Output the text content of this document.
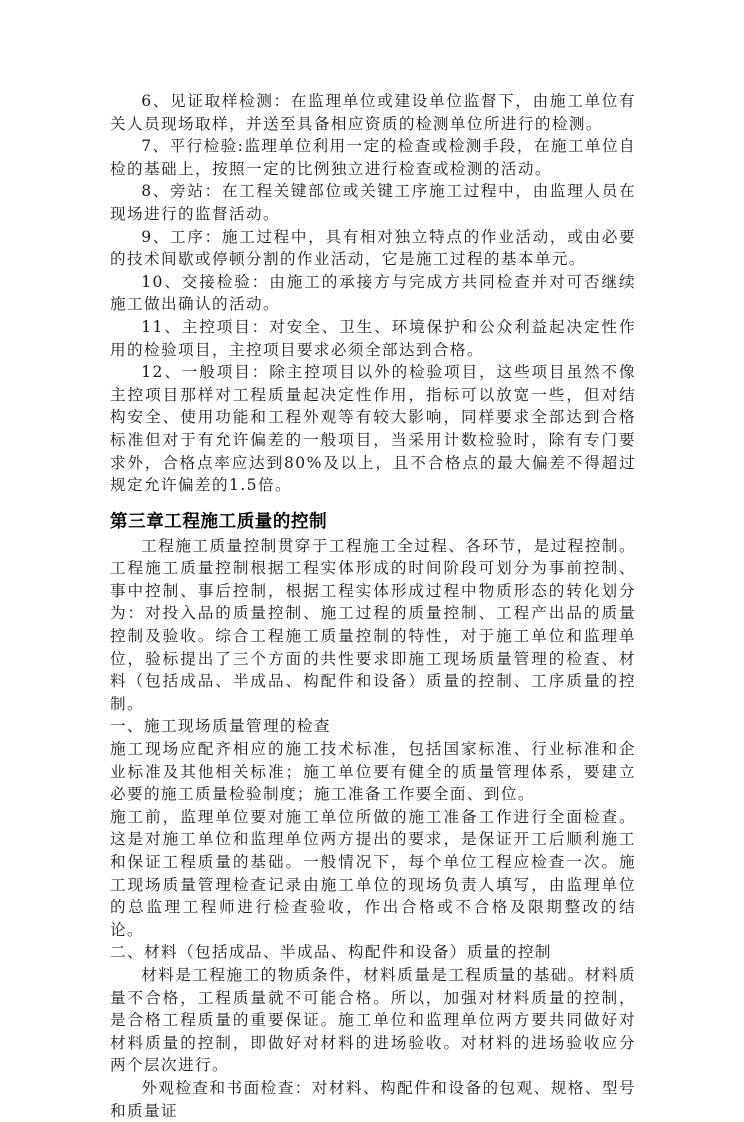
6、见证取样检测：在监理单位或建设单位监督下，由施工单位有关人员现场取样，并送至具备相应资质的检测单位所进行的检测。

7、平行检验:监理单位利用一定的检查或检测手段，在施工单位自检的基础上，按照一定的比例独立进行检查或检测的活动。

8、旁站：在工程关键部位或关键工序施工过程中，由监理人员在现场进行的监督活动。

9、工序：施工过程中，具有相对独立特点的作业活动，或由必要的技术间歇或停顿分割的作业活动，它是施工过程的基本单元。

10、交接检验：由施工的承接方与完成方共同检查并对可否继续施工做出确认的活动。

11、主控项目：对安全、卫生、环境保护和公众利益起决定性作用的检验项目，主控项目要求必须全部达到合格。

12、一般项目：除主控项目以外的检验项目，这些项目虽然不像主控项目那样对工程质量起决定性作用，指标可以放宽一些，但对结构安全、使用功能和工程外观等有较大影响，同样要求全部达到合格标准但对于有允许偏差的一般项目，当采用计数检验时，除有专门要求外，合格点率应达到80%及以上，且不合格点的最大偏差不得超过规定允许偏差的1.5倍。

第三章工程施工质量的控制

工程施工质量控制贯穿于工程施工全过程、各环节，是过程控制。工程施工质量控制根据工程实体形成的时间阶段可划分为事前控制、事中控制、事后控制，根据工程实体形成过程中物质形态的转化划分为：对投入品的质量控制、施工过程的质量控制、工程产出品的质量控制及验收。综合工程施工质量控制的特性，对于施工单位和监理单位，验标提出了三个方面的共性要求即施工现场质量管理的检查、材料（包括成品、半成品、构配件和设备）质量的控制、工序质量的控制。

一、施工现场质量管理的检查

施工现场应配齐相应的施工技术标准，包括国家标准、行业标准和企业标准及其他相关标准；施工单位要有健全的质量管理体系，要建立必要的施工质量检验制度；施工准备工作要全面、到位。

施工前，监理单位要对施工单位所做的施工准备工作进行全面检查。这是对施工单位和监理单位两方提出的要求，是保证开工后顺利施工和保证工程质量的基础。一般情况下，每个单位工程应检查一次。施工现场质量管理检查记录由施工单位的现场负责人填写，由监理单位的总监理工程师进行检查验收，作出合格或不合格及限期整改的结论。

二、材料（包括成品、半成品、构配件和设备）质量的控制

材料是工程施工的物质条件，材料质量是工程质量的基础。材料质量不合格，工程质量就不可能合格。所以，加强对材料质量的控制，是合格工程质量的重要保证。施工单位和监理单位两方要共同做好对材料质量的控制，即做好对材料的进场验收。对材料的进场验收应分两个层次进行。

外观检查和书面检查：对材料、构配件和设备的包观、规格、型号和质量证
